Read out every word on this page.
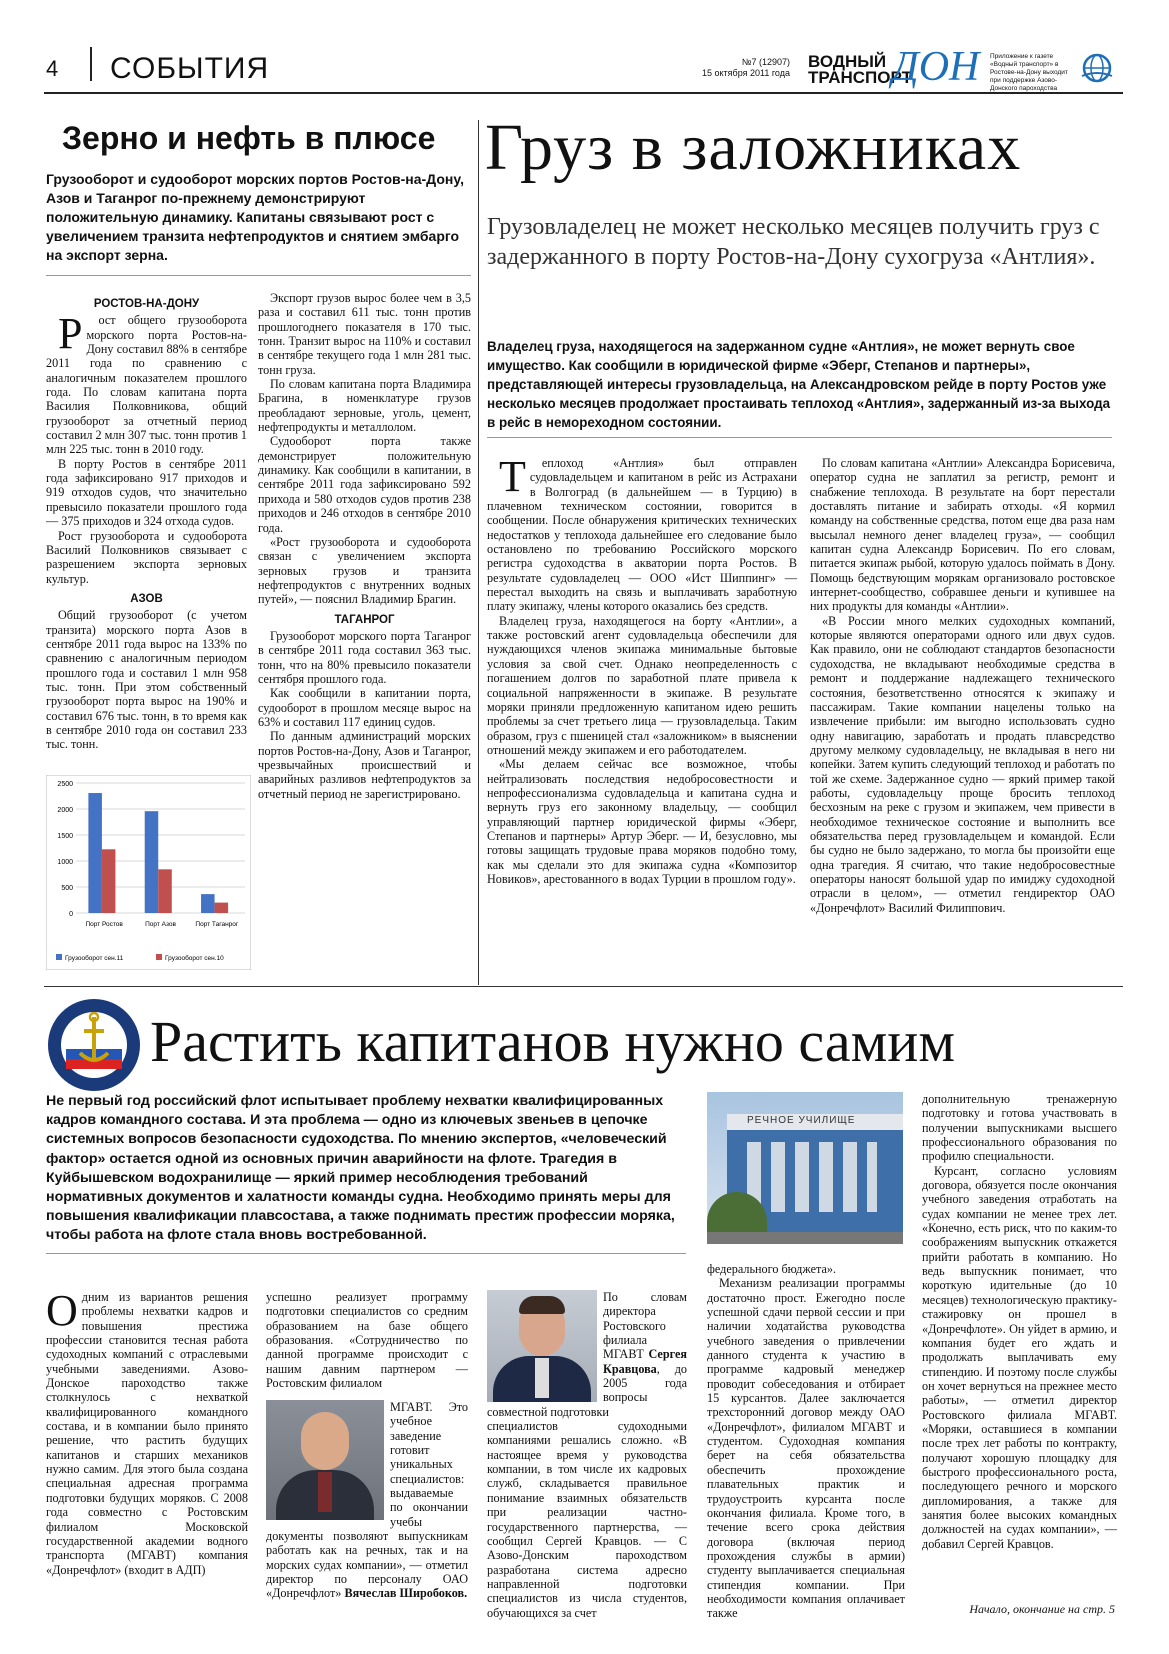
4 СОБЫТИЯ	№7 (12907)
15 октября 2011 года
ВОДНЫЙ
ТРАНСПОРТ
ДОН Приложение к газете «Водный транспорт» в Ростове-на-Дону выходит при поддержке Азово-Донского пароходства
Зерно и нефть в плюсе
Грузооборот и судооборот морских портов Ростов-на-Дону, Азов и Таганрог по-прежнему демонстрируют положительную динамику. Капитаны связывают рост с увеличением транзита нефтепродуктов и снятием эмбарго на экспорт зерна.
РОСТОВ-НА-ДОНУ

Рост общего грузооборота морского порта Ростов-на-Дону составил 88% в сентябре 2011 года по сравнению с аналогичным показателем прошлого года. По словам капитана порта Василия Полковникова, общий грузооборот за отчетный период составил 2 млн 307 тыс. тонн против 1 млн 225 тыс. тонн в 2010 году.

В порту Ростов в сентябре 2011 года зафиксировано 917 приходов и 919 отходов судов, что значительно превысило показатели прошлого года — 375 приходов и 324 отхода судов.

Рост грузооборота и судооборота Василий Полковников связывает с разрешением экспорта зерновых культур.

АЗОВ

Общий грузооборот (с учетом транзита) морского порта Азов в сентябре 2011 года вырос на 133% по сравнению с аналогичным периодом прошлого года и составил 1 млн 958 тыс. тонн. При этом собственный грузооборот порта вырос на 190% и составил 676 тыс. тонн, в то время как в сентябре 2010 года он составил 233 тыс. тонн.

Экспорт грузов вырос более чем в 3,5 раза и составил 611 тыс. тонн против прошлогоднего показателя в 170 тыс. тонн. Транзит вырос на 110% и составил в сентябре текущего года 1 млн 281 тыс. тонн груза.

По словам капитана порта Владимира Брагина, в номенклатуре грузов преобладают зерновые, уголь, цемент, нефтепродукты и металлолом.

Судооборот порта также демонстрирует положительную динамику. Как сообщили в капитании, в сентябре 2011 года зафиксировано 592 прихода и 580 отходов судов против 238 приходов и 246 отходов в сентябре 2010 года.

«Рост грузооборота и судооборота связан с увеличением экспорта зерновых грузов и транзита нефтепродуктов с внутренних водных путей», — пояснил Владимир Брагин.

ТАГАНРОГ

Грузооборот морского порта Таганрог в сентябре 2011 года составил 363 тыс. тонн, что на 80% превысило показатели сентября прошлого года.

Как сообщили в капитании порта, судооборот в прошлом месяце вырос на 63% и составил 117 единиц судов.

По данным администраций морских портов Ростов-на-Дону, Азов и Таганрог, чрезвычайных происшествий и аварийных разливов нефтепродуктов за отчетный период не зарегистрировано.

2500
2000
1500
1000
500
0
Порт Ростов	Порт Азов	Порт Таганрог
Грузооборот сен.11	Грузооборот сен.10
Груз в заложниках
Грузовладелец не может несколько месяцев получить груз с задержанного в порту Ростов-на-Дону сухогруза «Антлия».
Владелец груза, находящегося на задержанном судне «Антлия», не может вернуть свое имущество. Как сообщили в юридической фирме «Эберг, Степанов и партнеры», представляющей интересы грузовладельца, на Александровском рейде в порту Ростов уже несколько месяцев продолжает простаивать теплоход «Антлия», задержанный из-за выхода в рейс в немореходном состоянии.

Теплоход «Антлия» был отправлен судовладельцем и капитаном в рейс из Астрахани в Волгоград (в дальнейшем — в Турцию) в плачевном техническом состоянии, говорится в сообщении. После обнаружения критических технических недостатков у теплохода дальнейшее его следование было остановлено по требованию Российского морского регистра судоходства в акватории порта Ростов. В результате судовладелец — ООО «Ист Шиппинг» — перестал выходить на связь и выплачивать заработную плату экипажу, члены которого оказались без средств.

Владелец груза, находящегося на борту «Антлии», а также ростовский агент судовладельца обеспечили для нуждающихся членов экипажа минимальные бытовые условия за свой счет. Однако неопределенность с погашением долгов по заработной плате привела к социальной напряженности в экипаже. В результате моряки приняли предложенную капитаном идею решить проблемы за счет третьего лица — грузовладельца. Таким образом, груз с пшеницей стал «заложником» в выяснении отношений между экипажем и его работодателем.

«Мы делаем сейчас все возможное, чтобы нейтрализовать последствия недобросовестности и непрофессионализма судовладельца и капитана судна и вернуть груз его законному владельцу, — сообщил управляющий партнер юридической фирмы «Эберг, Степанов и партнеры» Артур Эберг. — И, безусловно, мы готовы защищать трудовые права моряков подобно тому, как мы сделали это для экипажа судна «Композитор Новиков», арестованного в водах Турции в прошлом году».

По словам капитана «Антлии» Александра Борисевича, оператор судна не заплатил за регистр, ремонт и снабжение теплохода. В результате на борт перестали доставлять питание и забирать отходы. «Я кормил команду на собственные средства, потом еще два раза нам высылал немного денег владелец груза», — сообщил капитан судна Александр Борисевич. По его словам, питается экипаж рыбой, которую удалось поймать в Дону. Помощь бедствующим морякам организовало ростовское интернет-сообщество, собравшее деньги и купившее на них продукты для команды «Антлии».

«В России много мелких судоходных компаний, которые являются операторами одного или двух судов. Как правило, они не соблюдают стандартов безопасности судоходства, не вкладывают необходимые средства в ремонт и поддержание надлежащего технического состояния, безответственно относятся к экипажу и пассажирам. Такие компании нацелены только на извлечение прибыли: им выгодно использовать судно одну навигацию, заработать и продать плавсредство другому мелкому судовладельцу, не вкладывая в него ни копейки. Затем купить следующий теплоход и работать по той же схеме. Задержанное судно — яркий пример такой работы, судовладельцу проще бросить теплоход бесхозным на реке с грузом и экипажем, чем привести в необходимое техническое состояние и выполнить все обязательства перед грузовладельцем и командой. Если бы судно не было задержано, то могла бы произойти еще одна трагедия. Я считаю, что такие недобросовестные операторы наносят большой удар по имиджу судоходной отрасли в целом», — отметил гендиректор ОАО «Донречфлот» Василий Филиппович.

Растить капитанов нужно самим
Не первый год российский флот испытывает проблему нехватки квалифицированных кадров командного состава. И эта проблема — одно из ключевых звеньев в цепочке системных вопросов безопасности судоходства. По мнению экспертов, «человеческий фактор» остается одной из основных причин аварийности на флоте. Трагедия в Куйбышевском водохранилище — яркий пример несоблюдения требований нормативных документов и халатности команды судна. Необходимо принять меры для повышения квалификации плавсостава, а также поднимать престиж профессии моряка, чтобы работа на флоте стала вновь востребованной.
РЕЧНОЕ УЧИЛИЩЕ

Одним из вариантов решения проблемы нехватки кадров и повышения престижа профессии становится тесная работа судоходных компаний с отраслевыми учебными заведениями. Азово-Донское пароходство также столкнулось с нехваткой квалифицированного командного состава, и в компании было принято решение, что растить будущих капитанов и старших механиков нужно самим. Для этого была создана специальная адресная программа подготовки будущих моряков. С 2008 года совместно с Ростовским филиалом Московской государственной академии водного транспорта (МГАВТ) компания «Донречфлот» (входит в АДП)

успешно реализует программу подготовки специалистов со средним образованием на базе общего образования. «Сотрудничество по данной программе происходит с нашим давним партнером — Ростовским филиалом

МГАВТ. Это учебное заведение готовит уникальных специалистов: выдаваемые по окончании учебы документы позволяют выпускникам работать как на речных, так и на морских судах компании», — отметил директор по персоналу ОАО «Донречфлот» Вячеслав Широбоков.
По словам директора Ростовского филиала МГАВТ Сергея Кравцова, до 2005 года вопросы совместной подготовки

специалистов судоходными компаниями решались сложно. «В настоящее время у руководства компании, в том числе их кадровых служб, складывается правильное понимание взаимных обязательств при реализации частно-государственного партнерства, — сообщил Сергей Кравцов. — С Азово-Донским пароходством разработана система адресно направленной подготовки специалистов из числа студентов, обучающихся за счет

федерального бюджета».

Механизм реализации программы достаточно прост. Ежегодно после успешной сдачи первой сессии и при наличии ходатайства руководства учебного заведения о привлечении данного студента к участию в программе кадровый менеджер проводит собеседования и отбирает 15 курсантов. Далее заключается трехсторонний договор между ОАО «Донречфлот», филиалом МГАВТ и студентом. Судоходная компания берет на себя обязательства обеспечить прохождение плавательных практик и трудоустроить курсанта после окончания филиала. Кроме того, в течение всего срока действия договора (включая период прохождения службы в армии) студенту выплачивается специальная стипендия компании. При необходимости компания оплачивает также

дополнительную тренажерную подготовку и готова участвовать в получении выпускниками высшего профессионального образования по профилю специальности.

Курсант, согласно условиям договора, обязуется после окончания учебного заведения отработать на судах компании не менее трех лет. «Конечно, есть риск, что по каким-то соображениям выпускник откажется прийти работать в компанию. Но ведь выпускник понимает, что короткую идительные (до 10 месяцев) технологическую практику-стажировку он прошел в «Донречфлоте». Он уйдет в армию, и компания будет его ждать и продолжать выплачивать ему стипендию. И поэтому после службы он хочет вернуться на прежнее место работы», — отметил директор Ростовского филиала МГАВТ. «Моряки, оставшиеся в компании после трех лет работы по контракту, получают хорошую площадку для быстрого профессионального роста, последующего речного и морского дипломирования, а также для занятия более высоких командных должностей на судах компании», — добавил Сергей Кравцов.

Начало, окончание на стр. 5
